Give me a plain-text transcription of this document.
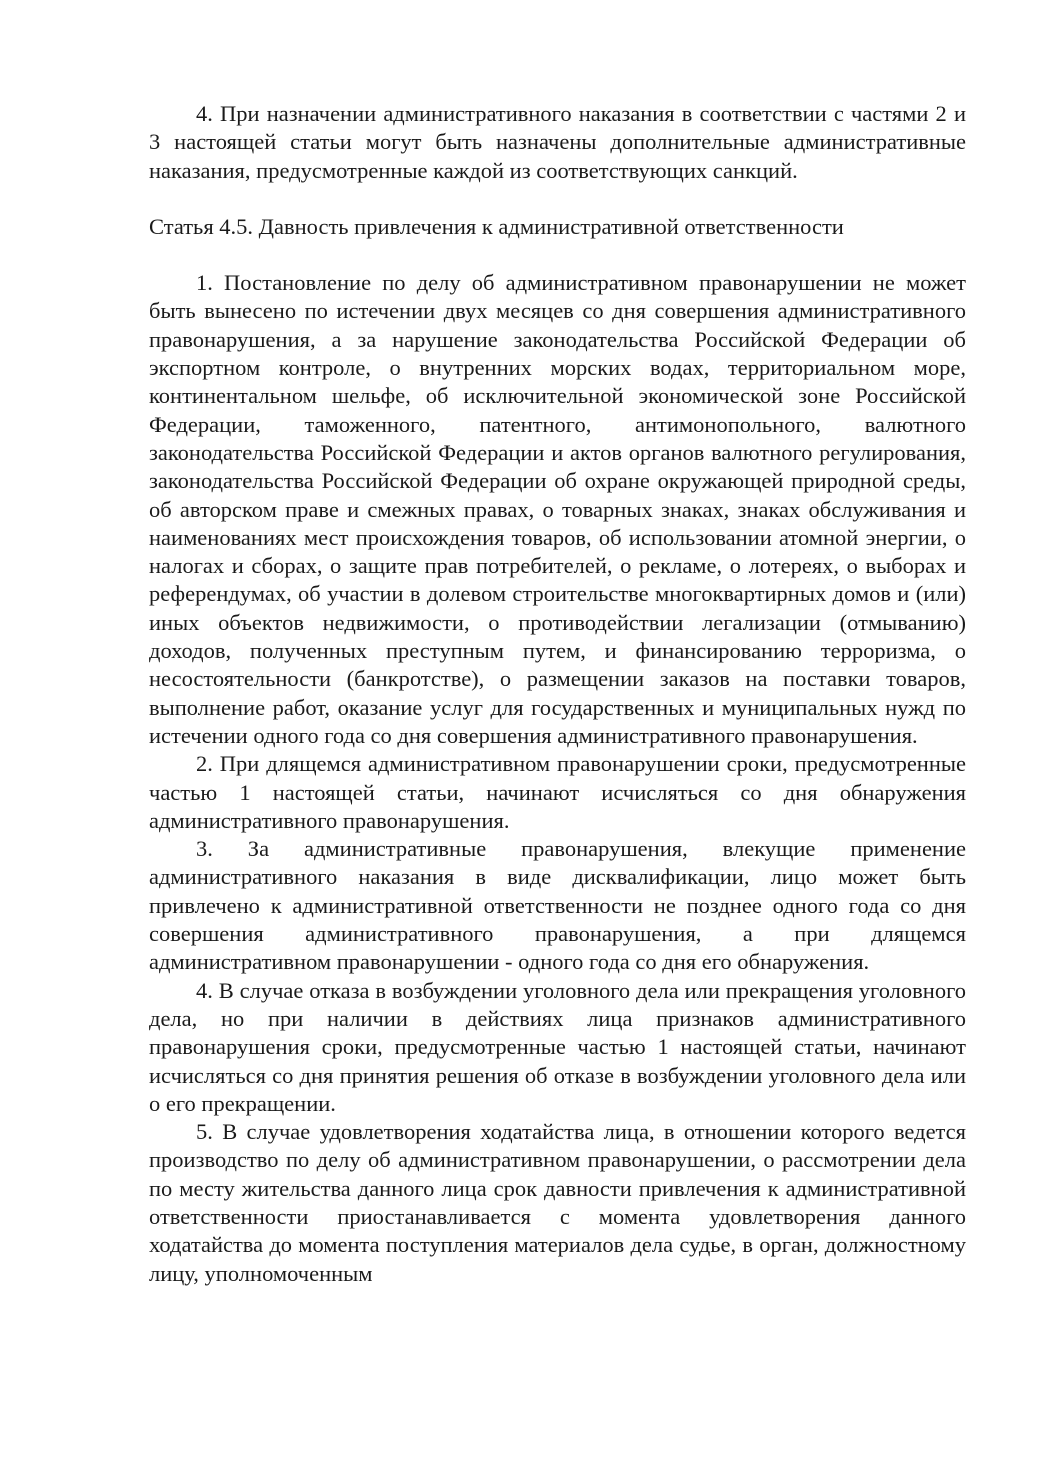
4. При назначении административного наказания в соответствии с частями 2 и 3 настоящей статьи могут быть назначены дополнительные административные наказания, предусмотренные каждой из соответствующих санкций.

Статья 4.5. Давность привлечения к административной ответственности

1. Постановление по делу об административном правонарушении не может быть вынесено по истечении двух месяцев со дня совершения административного правонарушения, а за нарушение законодательства Российской Федерации об экспортном контроле, о внутренних морских водах, территориальном море, континентальном шельфе, об исключительной экономической зоне Российской Федерации, таможенного, патентного, антимонопольного, валютного законодательства Российской Федерации и актов органов валютного регулирования, законодательства Российской Федерации об охране окружающей природной среды, об авторском праве и смежных правах, о товарных знаках, знаках обслуживания и наименованиях мест происхождения товаров, об использовании атомной энергии, о налогах и сборах, о защите прав потребителей, о рекламе, о лотереях, о выборах и референдумах, об участии в долевом строительстве многоквартирных домов и (или) иных объектов недвижимости, о противодействии легализации (отмыванию) доходов, полученных преступным путем, и финансированию терроризма, о несостоятельности (банкротстве), о размещении заказов на поставки товаров, выполнение работ, оказание услуг для государственных и муниципальных нужд по истечении одного года со дня совершения административного правонарушения.

2. При длящемся административном правонарушении сроки, предусмотренные частью 1 настоящей статьи, начинают исчисляться со дня обнаружения административного правонарушения.

3. За административные правонарушения, влекущие применение административного наказания в виде дисквалификации, лицо может быть привлечено к административной ответственности не позднее одного года со дня совершения административного правонарушения, а при длящемся административном правонарушении - одного года со дня его обнаружения.

4. В случае отказа в возбуждении уголовного дела или прекращения уголовного дела, но при наличии в действиях лица признаков административного правонарушения сроки, предусмотренные частью 1 настоящей статьи, начинают исчисляться со дня принятия решения об отказе в возбуждении уголовного дела или о его прекращении.

5. В случае удовлетворения ходатайства лица, в отношении которого ведется производство по делу об административном правонарушении, о рассмотрении дела по месту жительства данного лица срок давности привлечения к административной ответственности приостанавливается с момента удовлетворения данного ходатайства до момента поступления материалов дела судье, в орган, должностному лицу, уполномоченным
